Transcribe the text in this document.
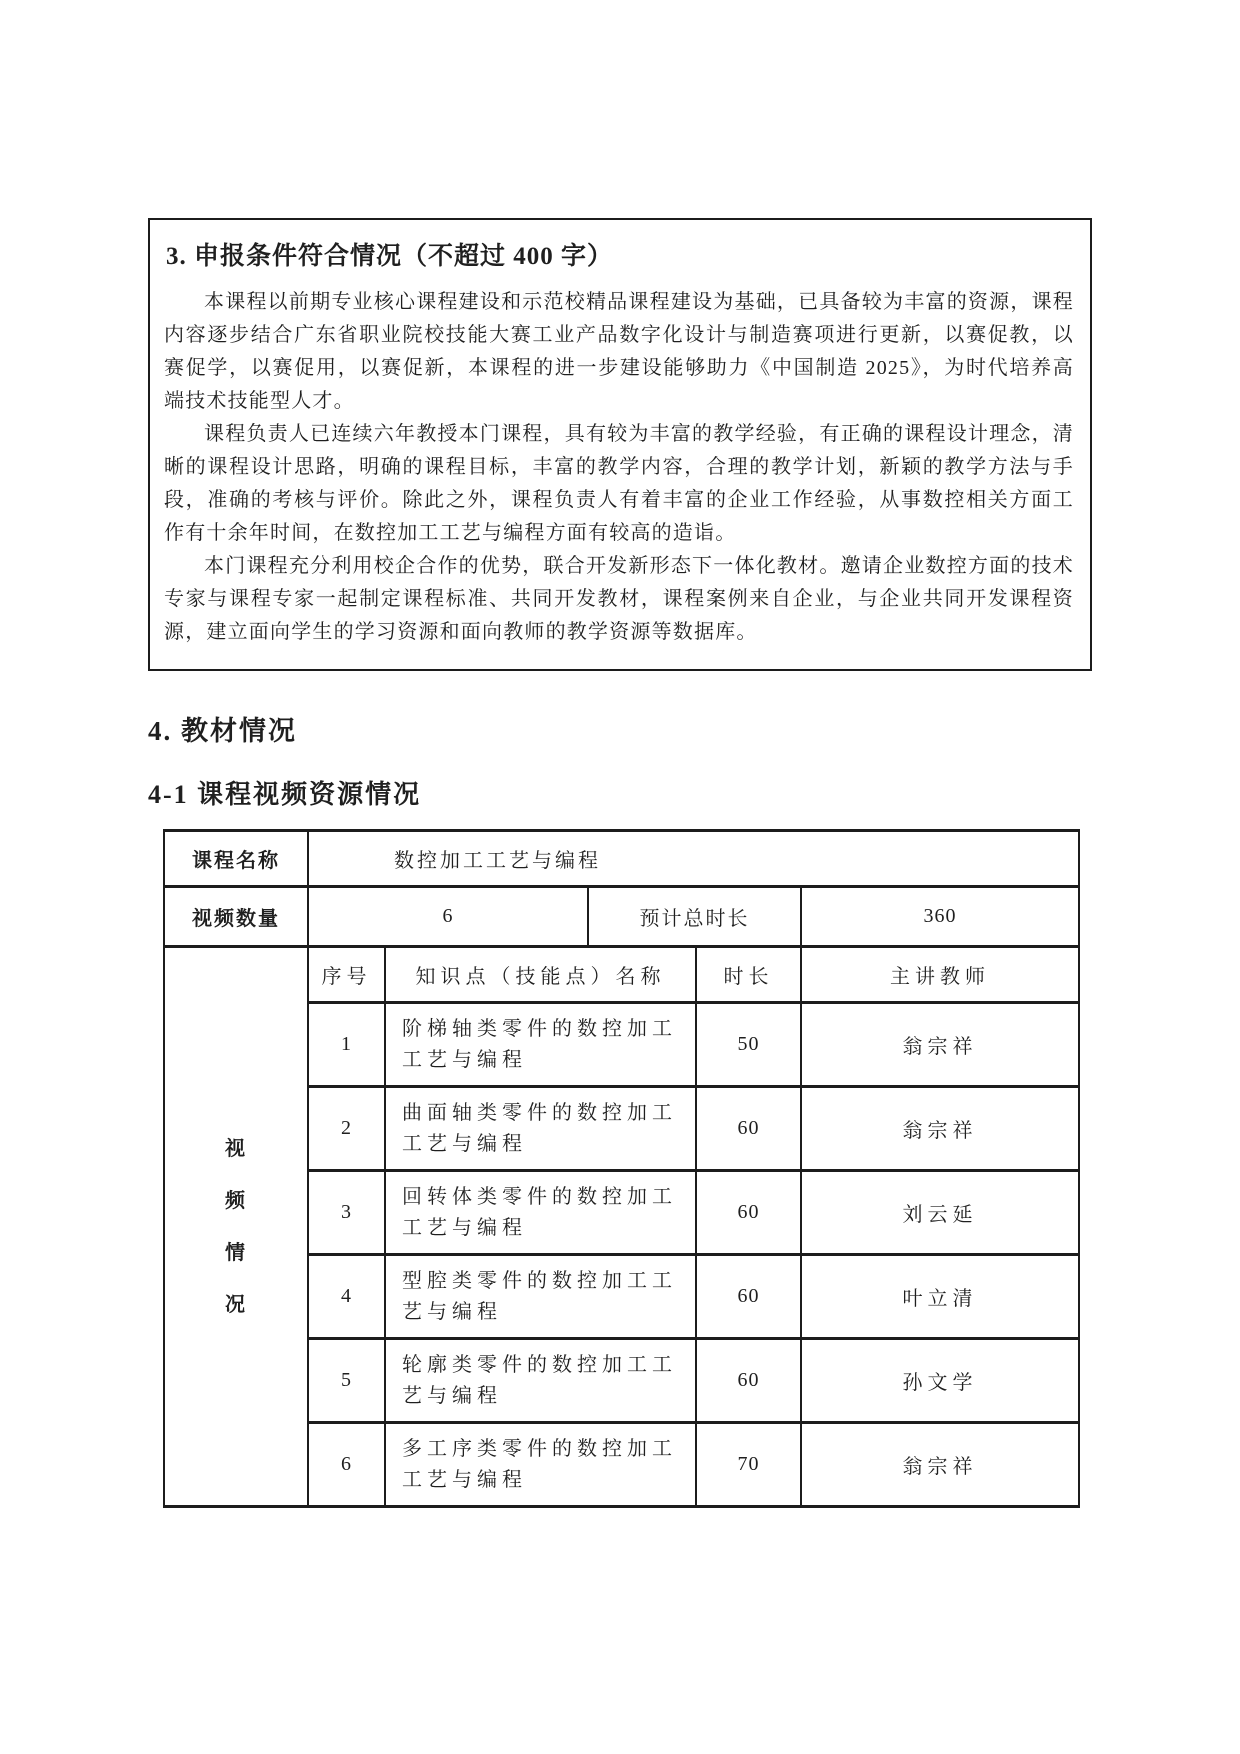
3. 申报条件符合情况（不超过 400 字）

本课程以前期专业核心课程建设和示范校精品课程建设为基础，已具备较为丰富的资源，课程内容逐步结合广东省职业院校技能大赛工业产品数字化设计与制造赛项进行更新，以赛促教，以赛促学，以赛促用，以赛促新，本课程的进一步建设能够助力《中国制造 2025》，为时代培养高端技术技能型人才。

课程负责人已连续六年教授本门课程，具有较为丰富的教学经验，有正确的课程设计理念，清晰的课程设计思路，明确的课程目标，丰富的教学内容，合理的教学计划，新颖的教学方法与手段，准确的考核与评价。除此之外，课程负责人有着丰富的企业工作经验，从事数控相关方面工作有十余年时间，在数控加工工艺与编程方面有较高的造诣。

本门课程充分利用校企合作的优势，联合开发新形态下一体化教材。邀请企业数控方面的技术专家与课程专家一起制定课程标准、共同开发教材，课程案例来自企业，与企业共同开发课程资源，建立面向学生的学习资源和面向教师的教学资源等数据库。

4. 教材情况
4-1 课程视频资源情况
课程名称	数控加工工艺与编程				
视频数量	6		预计总时长		360
视频情况	序号	知识点（技能点）名称		时长	主讲教师
	1	阶梯轴类零件的数控加工工艺与编程		50	翁宗祥
	2	曲面轴类零件的数控加工工艺与编程		60	翁宗祥
	3	回转体类零件的数控加工工艺与编程		60	刘云延
	4	型腔类零件的数控加工工艺与编程		60	叶立清
	5	轮廓类零件的数控加工工艺与编程		60	孙文学
	6	多工序类零件的数控加工工艺与编程		70	翁宗祥
